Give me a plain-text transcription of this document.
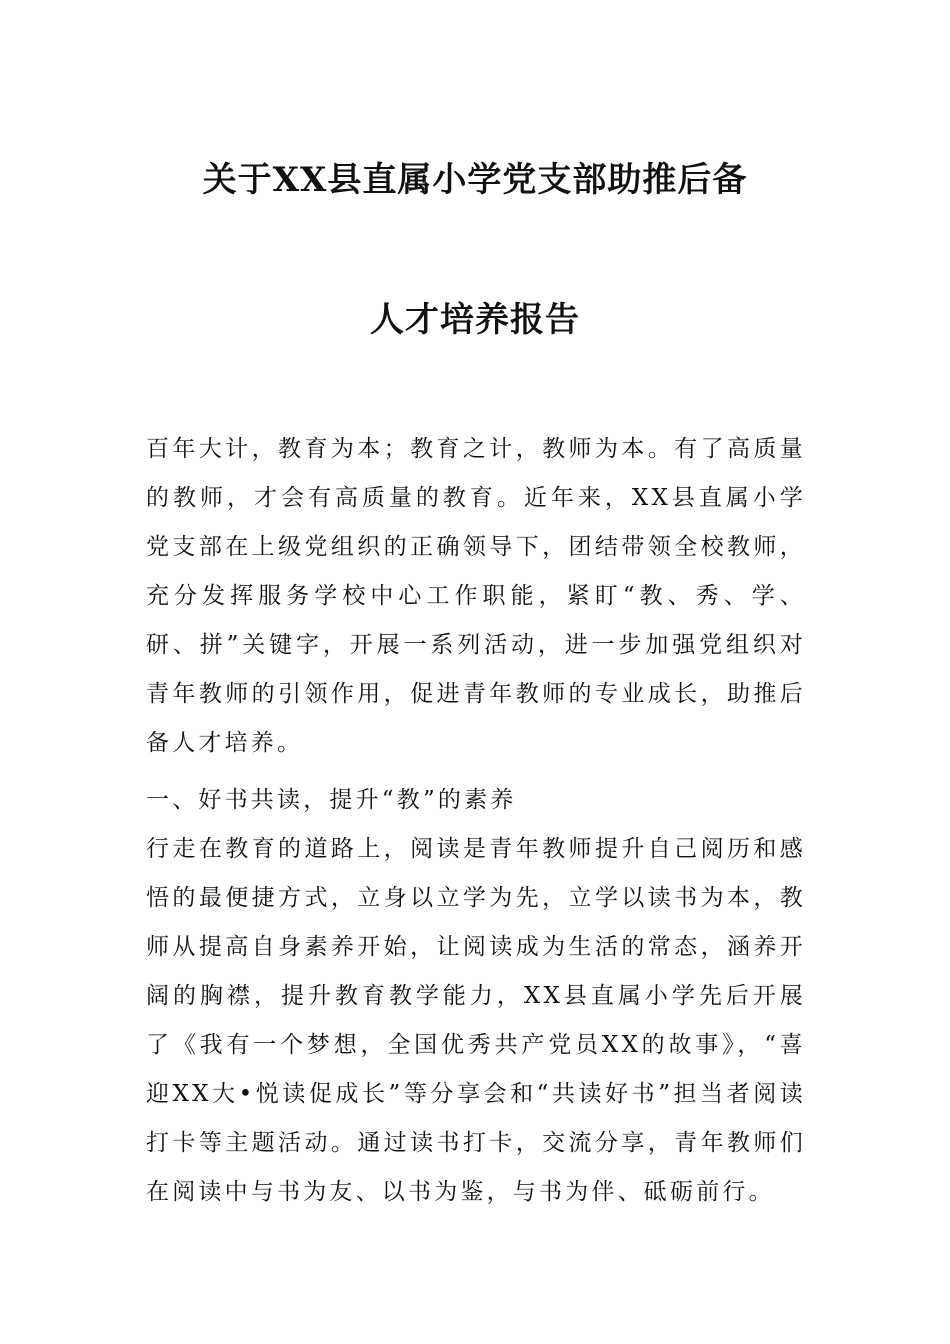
关于XX县直属小学党支部助推后备
人才培养报告
百年大计，教育为本；教育之计，教师为本。有了高质量的教师，才会有高质量的教育。近年来，XX县直属小学党支部在上级党组织的正确领导下，团结带领全校教师，充分发挥服务学校中心工作职能，紧盯“教、秀、学、研、拼”关键字，开展一系列活动，进一步加强党组织对青年教师的引领作用，促进青年教师的专业成长，助推后备人才培养。
一、好书共读，提升“教”的素养
行走在教育的道路上，阅读是青年教师提升自己阅历和感悟的最便捷方式，立身以立学为先，立学以读书为本，教师从提高自身素养开始，让阅读成为生活的常态，涵养开阔的胸襟，提升教育教学能力，XX县直属小学先后开展了《我有一个梦想，全国优秀共产党员XX的故事》，“喜迎XX大•悦读促成长”等分享会和“共读好书”担当者阅读打卡等主题活动。通过读书打卡，交流分享，青年教师们在阅读中与书为友、以书为鉴，与书为伴、砥砺前行。
